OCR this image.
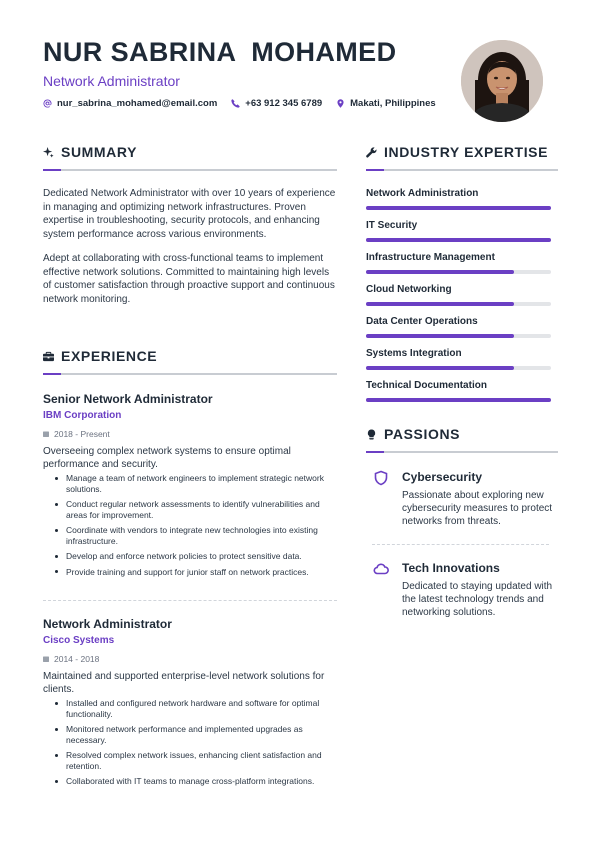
NUR SABRINA  MOHAMED
Network Administrator
nur_sabrina_mohamed@email.com	+63 912 345 6789	Makati, Philippines
SUMMARY

Dedicated Network Administrator with over 10 years of experience in managing and optimizing network infrastructures. Proven expertise in troubleshooting, security protocols, and enhancing system performance across various environments.

Adept at collaborating with cross-functional teams to implement effective network solutions. Committed to maintaining high levels of customer satisfaction through proactive support and continuous network monitoring.

EXPERIENCE
Senior Network Administrator
IBM Corporation
2018 - Present
Overseeing complex network systems to ensure optimal performance and security.
Manage a team of network engineers to implement strategic network solutions.
Conduct regular network assessments to identify vulnerabilities and areas for improvement.
Coordinate with vendors to integrate new technologies into existing infrastructure.
Develop and enforce network policies to protect sensitive data.
Provide training and support for junior staff on network practices.
Network Administrator
Cisco Systems
2014 - 2018
Maintained and supported enterprise-level network solutions for clients.
Installed and configured network hardware and software for optimal functionality.
Monitored network performance and implemented upgrades as necessary.
Resolved complex network issues, enhancing client satisfaction and retention.
Collaborated with IT teams to manage cross-platform integrations.
INDUSTRY EXPERTISE
Network Administration
IT Security
Infrastructure Management
Cloud Networking
Data Center Operations
Systems Integration
Technical Documentation
PASSIONS
Cybersecurity
Passionate about exploring new cybersecurity measures to protect networks from threats.
Tech Innovations
Dedicated to staying updated with the latest technology trends and networking solutions.
